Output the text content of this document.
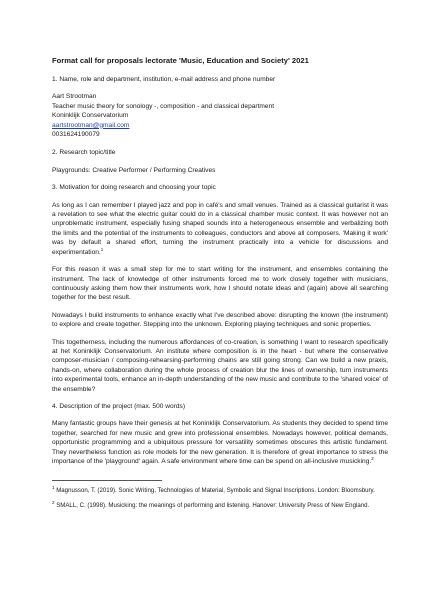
Format call for proposals lectorate 'Music, Education and Society' 2021

1. Name, role and department, institution, e-mail address and phone number

Aart Strootman

Teacher music theory for sonology -, composition - and classical department

Koninklijk Conservatorium

aartstrootman@gmail.com

0031624190079

2. Research topic/title

Playgrounds: Creative Performer / Performing Creatives

3. Motivation for doing research and choosing your topic

As long as I can remember I played jazz and pop in café's and small venues. Trained as a classical guitarist it was a revelation to see what the electric guitar could do in a classical chamber music context. It was however not an unproblematic instrument, especially fusing shaped sounds into a heterogeneous ensemble and verbalizing both the limits and the potential of the instruments to colleagues, conductors and above all composers. 'Making it work' was by default a shared effort, turning the instrument practically into a vehicle for discussions and experimentation.$^1$

For this reason it was a small step for me to start writing for the instrument, and ensembles containing the instrument. The lack of knowledge of other instruments forced me to work closely together with musicians, continuously asking them how their instruments work, how I should notate ideas and (again) above all searching together for the best result.

Nowadays I build instruments to enhance exactly what I've described above: disrupting the known (the instrument) to explore and create together. Stepping into the unknown. Exploring playing techniques and sonic properties.

This togetherness, including the numerous affordances of co-creation, is something I want to research specifically at het Koninklijk Conservatorium. An institute where composition is in the heart - but where the conservative composer-musician / composing-rehearsing-performing chains are still going strong. Can we build a new praxis, hands-on, where collaboration during the whole process of creation blur the lines of ownership, turn instruments into experimental tools, enhance an in-depth understanding of the new music and contribute to the 'shared voice' of the ensemble?

4. Description of the project (max. 500 words)

Many fantastic groups have their genesis at het Koninklijk Conservatorium. As students they decided to spend time together, searched for new music and grew into professional ensembles. Nowadays however, political demands, opportunistic programming and a ubiquitous pressure for versatility sometimes obscures this artistic fundament. They nevertheless function as role models for the new generation. It is therefore of great importance to stress the importance of the 'playground' again. A safe environment where time can be spend on all-inclusive musicking.$^2$

$^1$ Magnusson, T. (2019). Sonic Writing, Technologies of Material, Symbolic and Signal Inscriptions. London: Bloomsbury.

$^2$ SMALL, C. (1998). Musicking: the meanings of performing and listening. Hanover: University Press of New England.
